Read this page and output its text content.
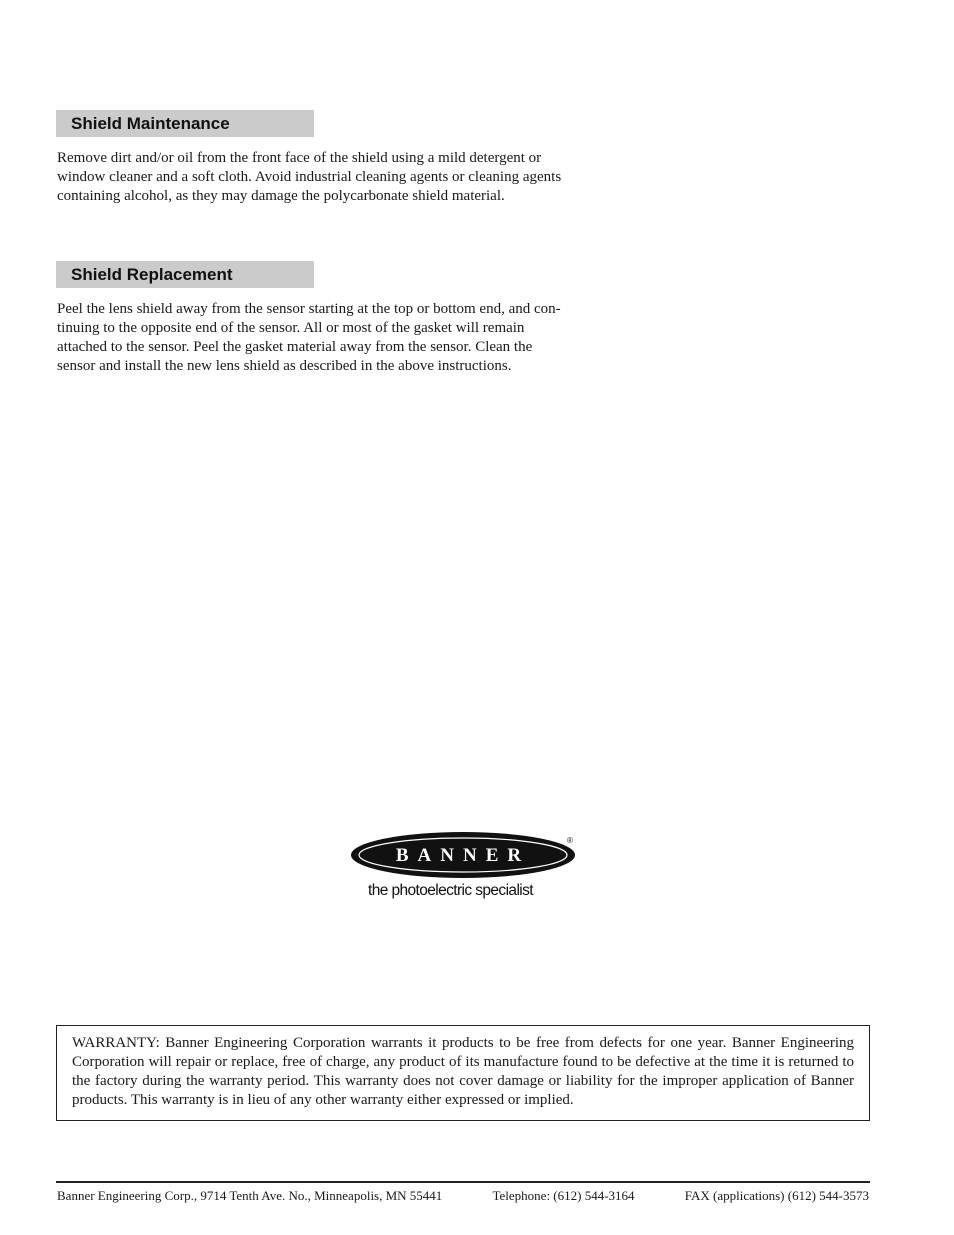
Shield Maintenance

Remove dirt and/or oil from the front face of the shield using a mild detergent or

window cleaner and a soft cloth. Avoid industrial cleaning agents or cleaning agents

containing alcohol, as they may damage the polycarbonate shield material.

Shield Replacement

Peel the lens shield away from the sensor starting at the top or bottom end, and con-

tinuing to the opposite end of the sensor. All or most of the gasket will remain

attached to the sensor. Peel the gasket material away from the sensor. Clean the

sensor and install the new lens shield as described in the above instructions.

BANNER
®
the photoelectric specialist
WARRANTY: Banner Engineering Corporation warrants it products to be free from defects for one year. Banner Engineering Corporation will repair or replace, free of charge, any product of its manufacture found to be defective at the time it is returned to the factory during the warranty period. This warranty does not cover damage or liability for the improper application of Banner products. This warranty is in lieu of any other warranty either expressed or implied.
Banner Engineering Corp., 9714 Tenth Ave. No., Minneapolis, MN 55441	Telephone: (612) 544-3164	FAX (applications) (612) 544-3573
